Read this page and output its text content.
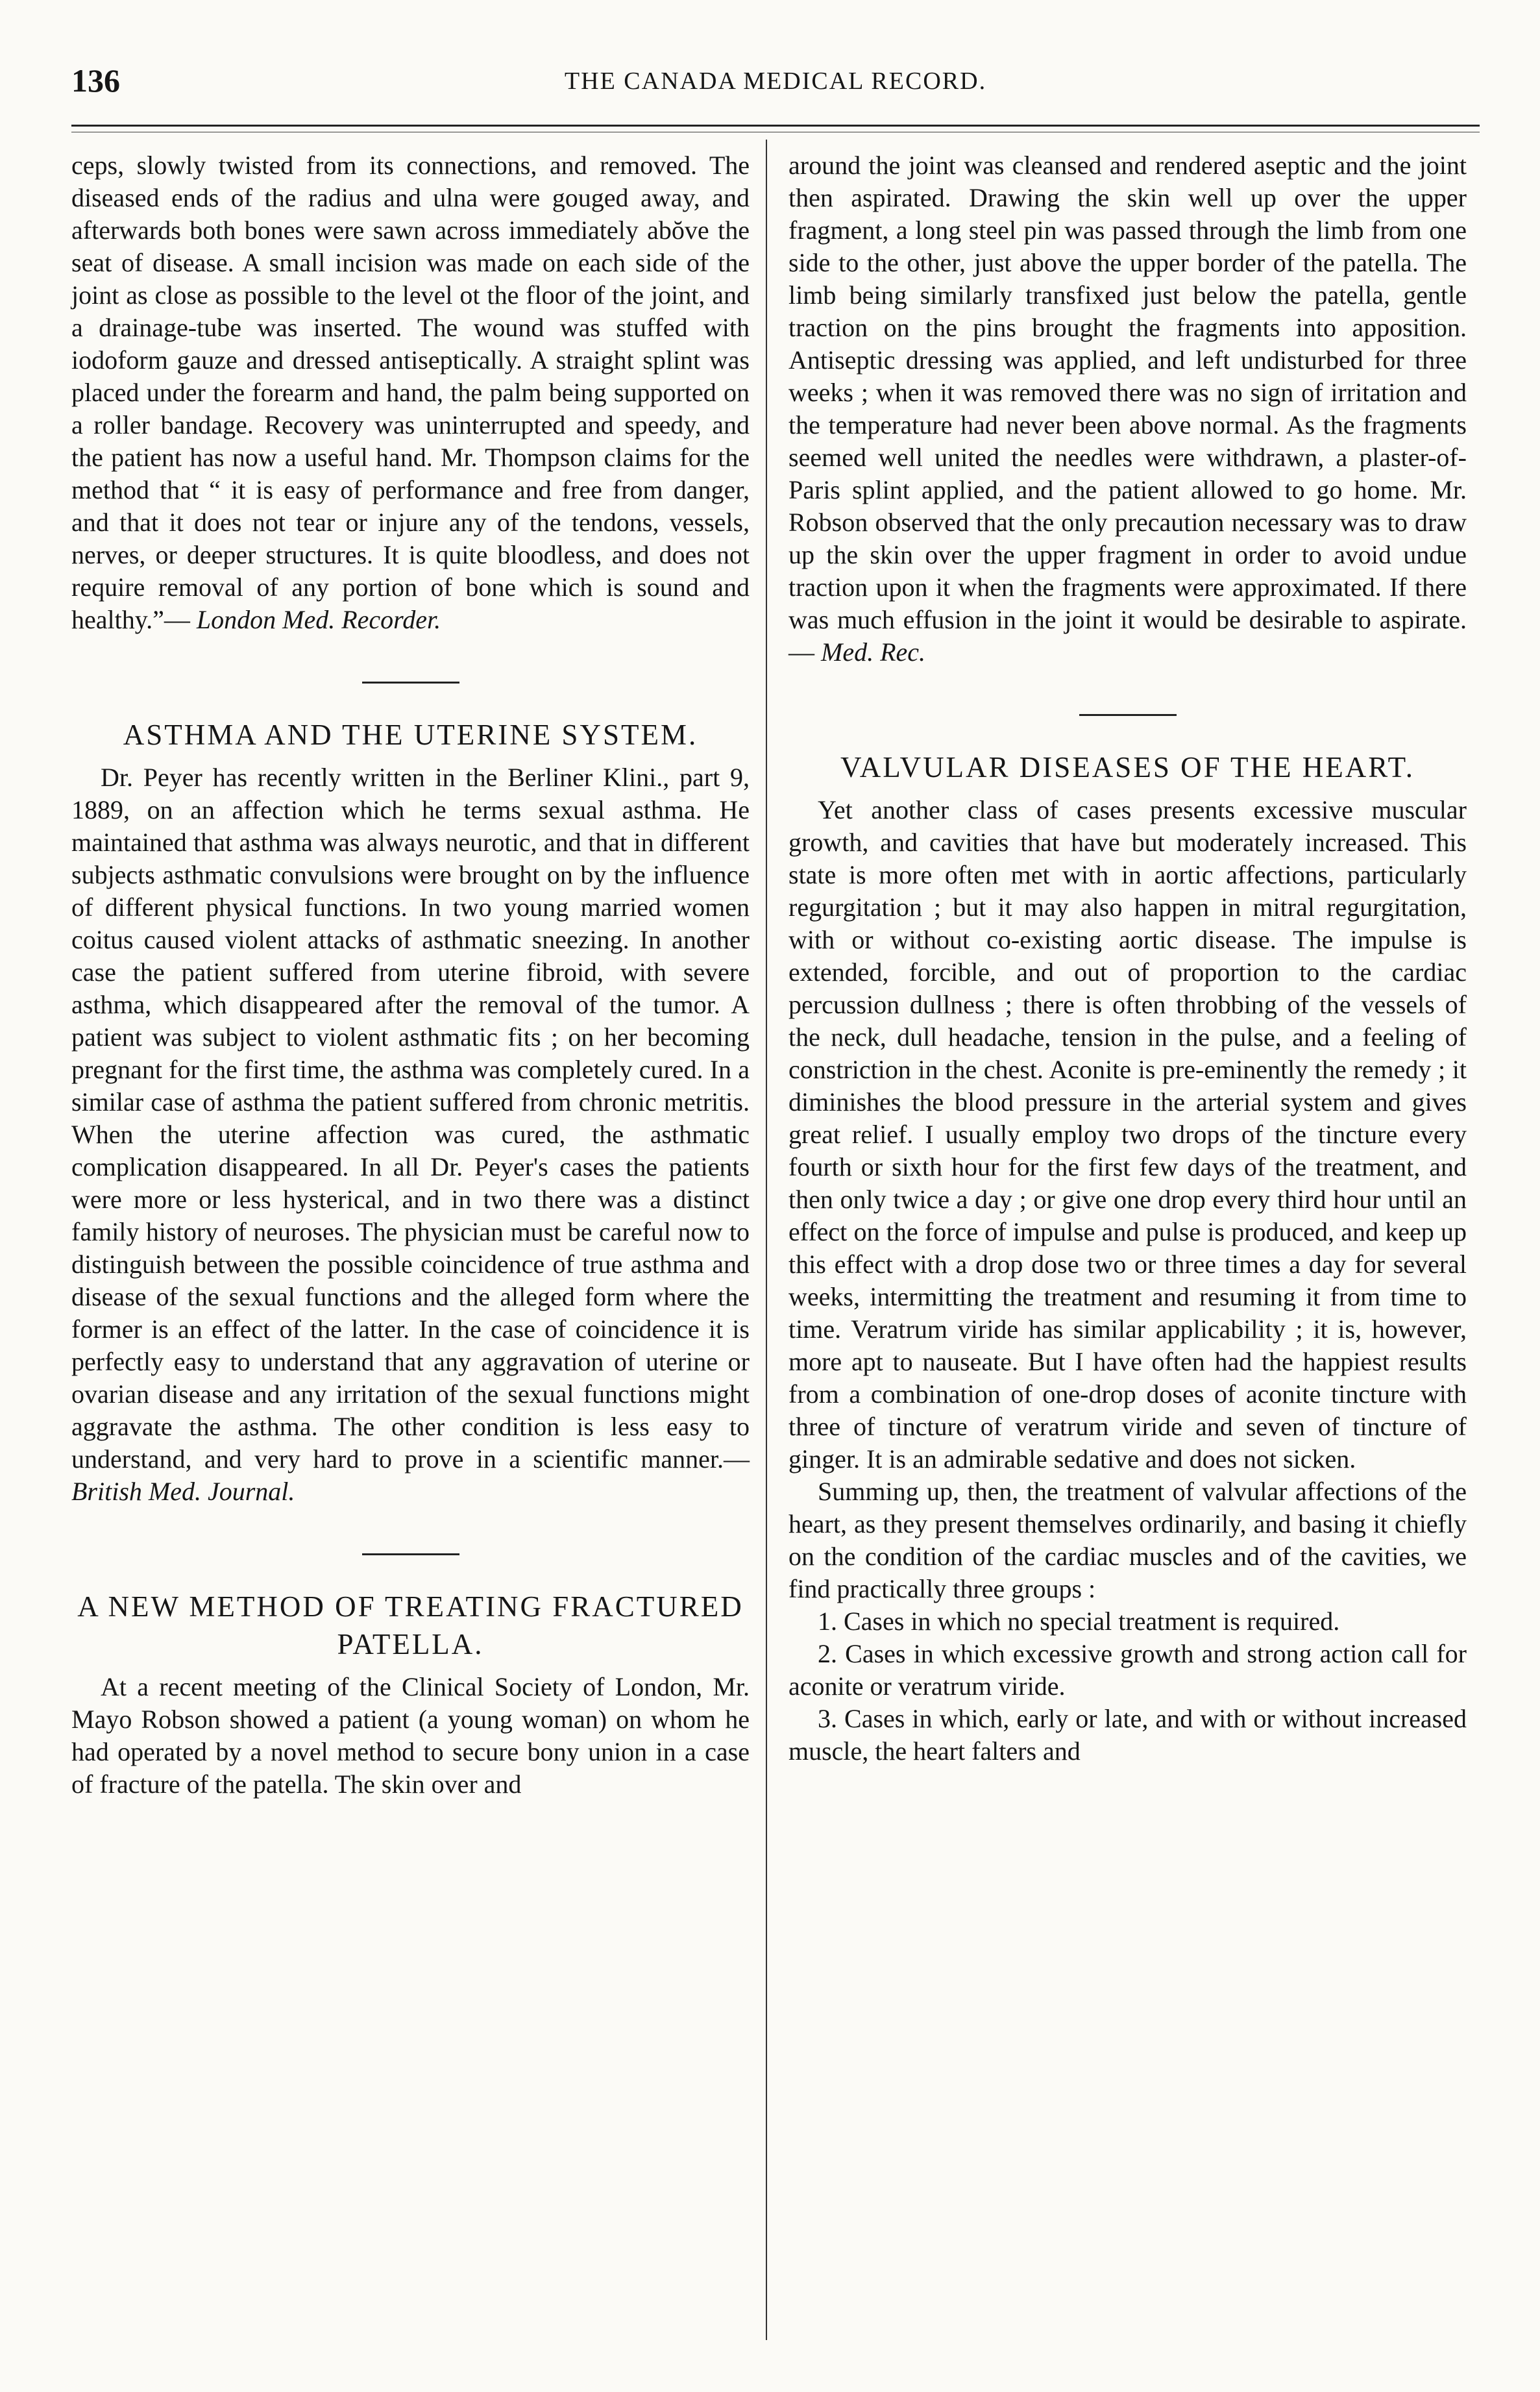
136	THE CANADA MEDICAL RECORD.

ceps, slowly twisted from its connections, and removed. The diseased ends of the radius and ulna were gouged away, and afterwards both bones were sawn across immediately abŏve the seat of disease. A small incision was made on each side of the joint as close as possible to the level ot the floor of the joint, and a drainage-tube was inserted. The wound was stuffed with iodoform gauze and dressed antiseptically. A straight splint was placed under the forearm and hand, the palm being supported on a roller bandage. Recovery was uninterrupted and speedy, and the patient has now a useful hand. Mr. Thompson claims for the method that “ it is easy of performance and free from danger, and that it does not tear or injure any of the tendons, vessels, nerves, or deeper structures. It is quite bloodless, and does not require removal of any portion of bone which is sound and healthy.”— London Med. Recorder.

ASTHMA AND THE UTERINE SYSTEM.

Dr. Peyer has recently written in the Berliner Klini., part 9, 1889, on an affection which he terms sexual asthma. He maintained that asthma was always neurotic, and that in different subjects asthmatic convulsions were brought on by the influence of different physical functions. In two young married women coitus caused violent attacks of asthmatic sneezing. In another case the patient suffered from uterine fibroid, with severe asthma, which disappeared after the removal of the tumor. A patient was subject to violent asthmatic fits ; on her becoming pregnant for the first time, the asthma was completely cured. In a similar case of asthma the patient suffered from chronic metritis. When the uterine affection was cured, the asthmatic complication disappeared. In all Dr. Peyer's cases the patients were more or less hysterical, and in two there was a distinct family history of neuroses. The physician must be careful now to distinguish between the possible coincidence of true asthma and disease of the sexual functions and the alleged form where the former is an effect of the latter. In the case of coincidence it is perfectly easy to understand that any aggravation of uterine or ovarian disease and any irritation of the sexual functions might aggravate the asthma. The other condition is less easy to understand, and very hard to prove in a scientific manner.— British Med. Journal.

A NEW METHOD OF TREATING FRACTURED PATELLA.

At a recent meeting of the Clinical Society of London, Mr. Mayo Robson showed a patient (a young woman) on whom he had operated by a novel method to secure bony union in a case of fracture of the patella. The skin over and

around the joint was cleansed and rendered aseptic and the joint then aspirated. Drawing the skin well up over the upper fragment, a long steel pin was passed through the limb from one side to the other, just above the upper border of the patella. The limb being similarly transfixed just below the patella, gentle traction on the pins brought the fragments into apposition. Antiseptic dressing was applied, and left undisturbed for three weeks ; when it was removed there was no sign of irritation and the temperature had never been above normal. As the fragments seemed well united the needles were withdrawn, a plaster-of-Paris splint applied, and the patient allowed to go home. Mr. Robson observed that the only precaution necessary was to draw up the skin over the upper fragment in order to avoid undue traction upon it when the fragments were approximated. If there was much effusion in the joint it would be desirable to aspirate.— Med. Rec.

VALVULAR DISEASES OF THE HEART.

Yet another class of cases presents excessive muscular growth, and cavities that have but moderately increased. This state is more often met with in aortic affections, particularly regurgitation ; but it may also happen in mitral regurgitation, with or without co-existing aortic disease. The impulse is extended, forcible, and out of proportion to the cardiac percussion dullness ; there is often throbbing of the vessels of the neck, dull headache, tension in the pulse, and a feeling of constriction in the chest. Aconite is pre-eminently the remedy ; it diminishes the blood pressure in the arterial system and gives great relief. I usually employ two drops of the tincture every fourth or sixth hour for the first few days of the treatment, and then only twice a day ; or give one drop every third hour until an effect on the force of impulse and pulse is produced, and keep up this effect with a drop dose two or three times a day for several weeks, intermitting the treatment and resuming it from time to time. Veratrum viride has similar applicability ; it is, however, more apt to nauseate. But I have often had the happiest results from a combination of one-drop doses of aconite tincture with three of tincture of veratrum viride and seven of tincture of ginger. It is an admirable sedative and does not sicken.

Summing up, then, the treatment of valvular affections of the heart, as they present themselves ordinarily, and basing it chiefly on the condition of the cardiac muscles and of the cavities, we find practically three groups :

1. Cases in which no special treatment is required.

2. Cases in which excessive growth and strong action call for aconite or veratrum viride.

3. Cases in which, early or late, and with or without increased muscle, the heart falters and
